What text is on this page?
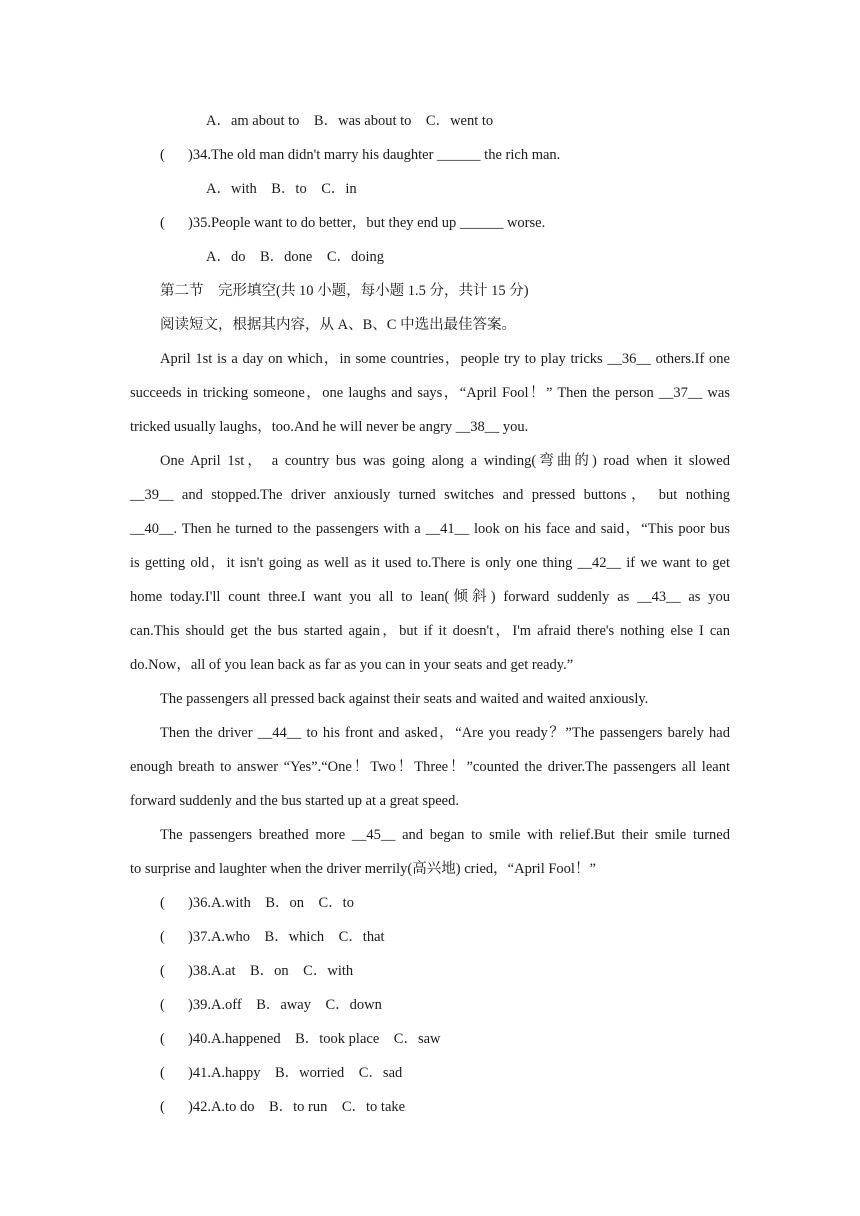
A．am about to　B．was about to　C．went to
( )34.The old man didn't marry his daughter ______ the rich man.
A．with　B．to　C．in
( )35.People want to do better，but they end up ______ worse.
A．do　B．done　C．doing
第二节　完形填空(共 10 小题，每小题 1.5 分，共计 15 分)
阅读短文，根据其内容，从 A、B、C 中选出最佳答案。
April 1st is a day on which，in some countries，people try to play tricks __36__ others.If one
succeeds in tricking someone，one laughs and says，“April Fool！” Then the person __37__ was
tricked usually laughs，too.And he will never be angry __38__ you.
One April 1st， a country bus was going along a winding(弯曲的) road when it slowed
__39__ and stopped.The driver anxiously turned switches and pressed buttons， but nothing
__40__. Then he turned to the passengers with a __41__ look on his face and said，“This poor bus
is getting old，it isn't going as well as it used to.There is only one thing __42__ if we want to get
home today.I'll count three.I want you all to lean(倾斜) forward suddenly as __43__ as you
can.This should get the bus started again，but if it doesn't，I'm afraid there's nothing else I can
do.Now，all of you lean back as far as you can in your seats and get ready.”
The passengers all pressed back against their seats and waited and waited anxiously.
Then the driver __44__ to his front and asked，“Are you ready？”The passengers barely had
enough breath to answer “Yes”.“One！Two！Three！”counted the driver.The passengers all leant
forward suddenly and the bus started up at a great speed.
The passengers breathed more __45__ and began to smile with relief.But their smile turned
to surprise and laughter when the driver merrily(高兴地) cried，“April Fool！”
( )36.A.with　B．on　C．to
( )37.A.who　B．which　C．that
( )38.A.at　B．on　C．with
( )39.A.off　B．away　C．down
( )40.A.happened　B．took place　C．saw
( )41.A.happy　B．worried　C．sad
( )42.A.to do　B．to run　C．to take
